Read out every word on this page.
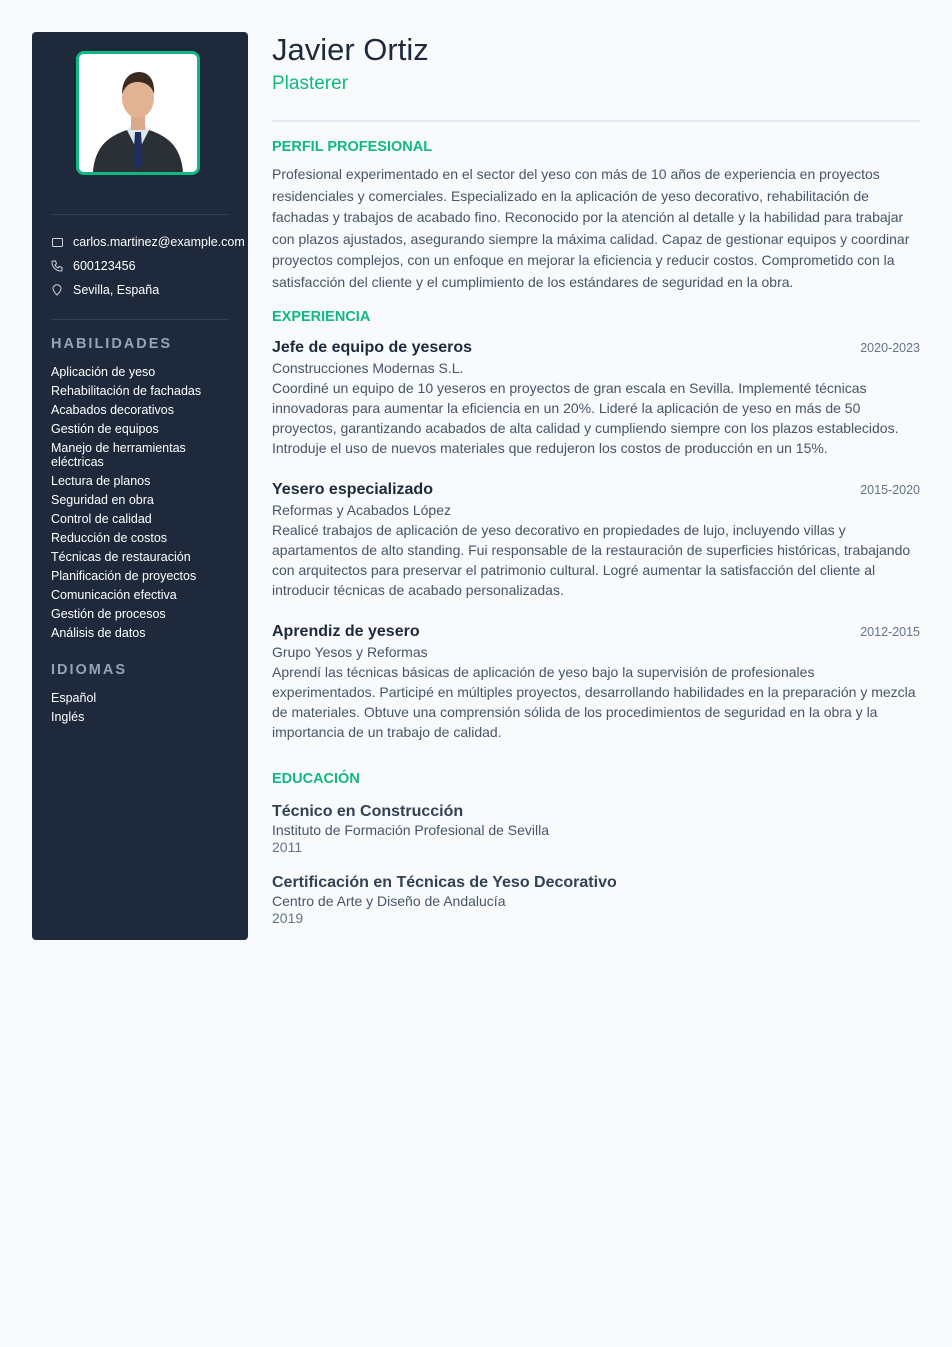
carlos.martinez@example.com
600123456
Sevilla, España
HABILIDADES
Aplicación de yeso
Rehabilitación de fachadas
Acabados decorativos
Gestión de equipos
Manejo de herramientas eléctricas
Lectura de planos
Seguridad en obra
Control de calidad
Reducción de costos
Técnicas de restauración
Planificación de proyectos
Comunicación efectiva
Gestión de procesos
Análisis de datos
IDIOMAS
Español
Inglés
Javier Ortiz
Plasterer
PERFIL PROFESIONAL
Profesional experimentado en el sector del yeso con más de 10 años de experiencia en proyectos residenciales y comerciales. Especializado en la aplicación de yeso decorativo, rehabilitación de fachadas y trabajos de acabado fino. Reconocido por la atención al detalle y la habilidad para trabajar con plazos ajustados, asegurando siempre la máxima calidad. Capaz de gestionar equipos y coordinar proyectos complejos, con un enfoque en mejorar la eficiencia y reducir costos. Comprometido con la satisfacción del cliente y el cumplimiento de los estándares de seguridad en la obra.
EXPERIENCIA
Jefe de equipo de yeseros	2020-2023
Construcciones Modernas S.L.
Coordiné un equipo de 10 yeseros en proyectos de gran escala en Sevilla. Implementé técnicas innovadoras para aumentar la eficiencia en un 20%. Lideré la aplicación de yeso en más de 50 proyectos, garantizando acabados de alta calidad y cumpliendo siempre con los plazos establecidos. Introduje el uso de nuevos materiales que redujeron los costos de producción en un 15%.
Yesero especializado	2015-2020
Reformas y Acabados López
Realicé trabajos de aplicación de yeso decorativo en propiedades de lujo, incluyendo villas y apartamentos de alto standing. Fui responsable de la restauración de superficies históricas, trabajando con arquitectos para preservar el patrimonio cultural. Logré aumentar la satisfacción del cliente al introducir técnicas de acabado personalizadas.
Aprendiz de yesero	2012-2015
Grupo Yesos y Reformas
Aprendí las técnicas básicas de aplicación de yeso bajo la supervisión de profesionales experimentados. Participé en múltiples proyectos, desarrollando habilidades en la preparación y mezcla de materiales. Obtuve una comprensión sólida de los procedimientos de seguridad en la obra y la importancia de un trabajo de calidad.
EDUCACIÓN
Técnico en Construcción
Instituto de Formación Profesional de Sevilla
2011
Certificación en Técnicas de Yeso Decorativo
Centro de Arte y Diseño de Andalucía
2019
